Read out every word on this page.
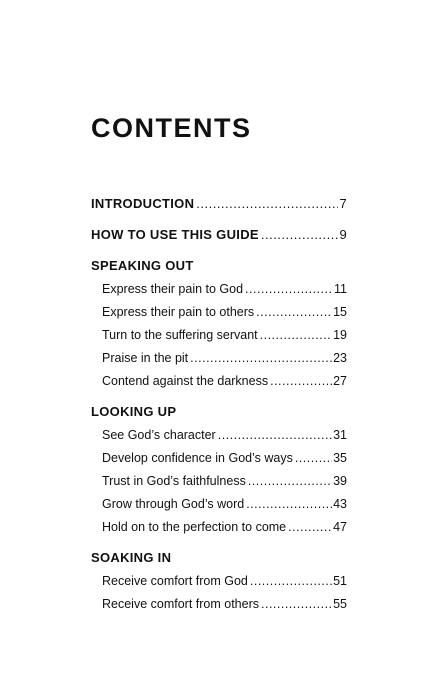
CONTENTS
INTRODUCTION .....	7
HOW TO USE THIS GUIDE .....	9
SPEAKING OUT
Express their pain to God .....	11
Express their pain to others .....	15
Turn to the suffering servant .....	19
Praise in the pit .....	23
Contend against the darkness .....	27
LOOKING UP
See God’s character .....	31
Develop confidence in God’s ways .....	35
Trust in God’s faithfulness .....	39
Grow through God’s word .....	43
Hold on to the perfection to come .....	47
SOAKING IN
Receive comfort from God .....	51
Receive comfort from others .....	55
